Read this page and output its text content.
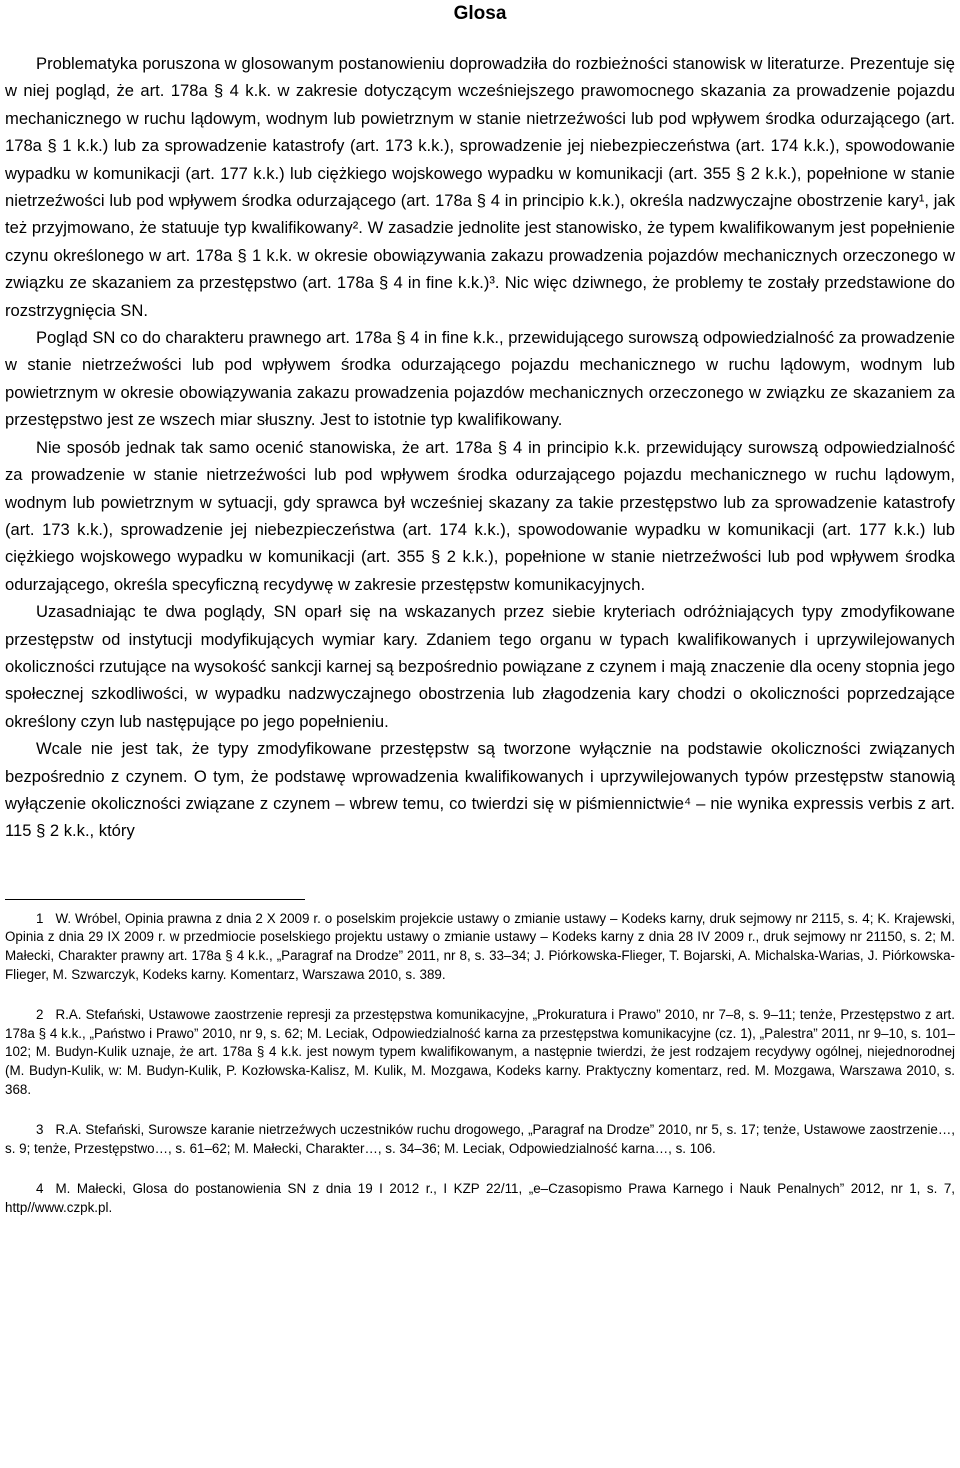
Glosa

Problematyka poruszona w glosowanym postanowieniu doprowadziła do rozbieżności stanowisk w literaturze. Prezentuje się w niej pogląd, że art. 178a § 4 k.k. w zakresie dotyczącym wcześniejszego prawomocnego skazania za prowadzenie pojazdu mechanicznego w ruchu lądowym, wodnym lub powietrznym w stanie nietrzeźwości lub pod wpływem środka odurzającego (art. 178a § 1 k.k.) lub za sprowadzenie katastrofy (art. 173 k.k.), sprowadzenie jej niebezpieczeństwa (art. 174 k.k.), spowodowanie wypadku w komunikacji (art. 177 k.k.) lub ciężkiego wojskowego wypadku w komunikacji (art. 355 § 2 k.k.), popełnione w stanie nietrzeźwości lub pod wpływem środka odurzającego (art. 178a § 4 in principio k.k.), określa nadzwyczajne obostrzenie kary¹, jak też przyjmowano, że statuuje typ kwalifikowany². W zasadzie jednolite jest stanowisko, że typem kwalifikowanym jest popełnienie czynu określonego w art. 178a § 1 k.k. w okresie obowiązywania zakazu prowadzenia pojazdów mechanicznych orzeczonego w związku ze skazaniem za przestępstwo (art. 178a § 4 in fine k.k.)³. Nic więc dziwnego, że problemy te zostały przedstawione do rozstrzygnięcia SN.

Pogląd SN co do charakteru prawnego art. 178a § 4 in fine k.k., przewidującego surowszą odpowiedzialność za prowadzenie w stanie nietrzeźwości lub pod wpływem środka odurzającego pojazdu mechanicznego w ruchu lądowym, wodnym lub powietrznym w okresie obowiązywania zakazu prowadzenia pojazdów mechanicznych orzeczonego w związku ze skazaniem za przestępstwo jest ze wszech miar słuszny. Jest to istotnie typ kwalifikowany.

Nie sposób jednak tak samo ocenić stanowiska, że art. 178a § 4 in principio k.k. przewidujący surowszą odpowiedzialność za prowadzenie w stanie nietrzeźwości lub pod wpływem środka odurzającego pojazdu mechanicznego w ruchu lądowym, wodnym lub powietrznym w sytuacji, gdy sprawca był wcześniej skazany za takie przestępstwo lub za sprowadzenie katastrofy (art. 173 k.k.), sprowadzenie jej niebezpieczeństwa (art. 174 k.k.), spowodowanie wypadku w komunikacji (art. 177 k.k.) lub ciężkiego wojskowego wypadku w komunikacji (art. 355 § 2 k.k.), popełnione w stanie nietrzeźwości lub pod wpływem środka odurzającego, określa specyficzną recydywę w zakresie przestępstw komunikacyjnych.

Uzasadniając te dwa poglądy, SN oparł się na wskazanych przez siebie kryteriach odróżniających typy zmodyfikowane przestępstw od instytucji modyfikujących wymiar kary. Zdaniem tego organu w typach kwalifikowanych i uprzywilejowanych okoliczności rzutujące na wysokość sankcji karnej są bezpośrednio powiązane z czynem i mają znaczenie dla oceny stopnia jego społecznej szkodliwości, w wypadku nadzwyczajnego obostrzenia lub złagodzenia kary chodzi o okoliczności poprzedzające określony czyn lub następujące po jego popełnieniu.

Wcale nie jest tak, że typy zmodyfikowane przestępstw są tworzone wyłącznie na podstawie okoliczności związanych bezpośrednio z czynem. O tym, że podstawę wprowadzenia kwalifikowanych i uprzywilejowanych typów przestępstw stanowią wyłączenie okoliczności związane z czynem – wbrew temu, co twierdzi się w piśmiennictwie⁴ – nie wynika expressis verbis z art. 115 § 2 k.k., który

1 W. Wróbel, Opinia prawna z dnia 2 X 2009 r. o poselskim projekcie ustawy o zmianie ustawy – Kodeks karny, druk sejmowy nr 2115, s. 4; K. Krajewski, Opinia z dnia 29 IX 2009 r. w przedmiocie poselskiego projektu ustawy o zmianie ustawy – Kodeks karny z dnia 28 IV 2009 r., druk sejmowy nr 21150, s. 2; M. Małecki, Charakter prawny art. 178a § 4 k.k., „Paragraf na Drodze” 2011, nr 8, s. 33–34; J. Piórkowska-Flieger, T. Bojarski, A. Michalska-Warias, J. Piórkowska-Flieger, M. Szwarczyk, Kodeks karny. Komentarz, Warszawa 2010, s. 389.
2 R.A. Stefański, Ustawowe zaostrzenie represji za przestępstwa komunikacyjne, „Prokuratura i Prawo” 2010, nr 7–8, s. 9–11; tenże, Przestępstwo z art. 178a § 4 k.k., „Państwo i Prawo” 2010, nr 9, s. 62; M. Leciak, Odpowiedzialność karna za przestępstwa komunikacyjne (cz. 1), „Palestra” 2011, nr 9–10, s. 101–102; M. Budyn-Kulik uznaje, że art. 178a § 4 k.k. jest nowym typem kwalifikowanym, a następnie twierdzi, że jest rodzajem recydywy ogólnej, niejednorodnej (M. Budyn-Kulik, w: M. Budyn-Kulik, P. Kozłowska-Kalisz, M. Kulik, M. Mozgawa, Kodeks karny. Praktyczny komentarz, red. M. Mozgawa, Warszawa 2010, s. 368.
3 R.A. Stefański, Surowsze karanie nietrzeźwych uczestników ruchu drogowego, „Paragraf na Drodze” 2010, nr 5, s. 17; tenże, Ustawowe zaostrzenie…, s. 9; tenże, Przestępstwo…, s. 61–62; M. Małecki, Charakter…, s. 34–36; M. Leciak, Odpowiedzialność karna…, s. 106.
4 M. Małecki, Glosa do postanowienia SN z dnia 19 I 2012 r., I KZP 22/11, „e–Czasopismo Prawa Karnego i Nauk Penalnych” 2012, nr 1, s. 7, http//www.czpk.pl.
